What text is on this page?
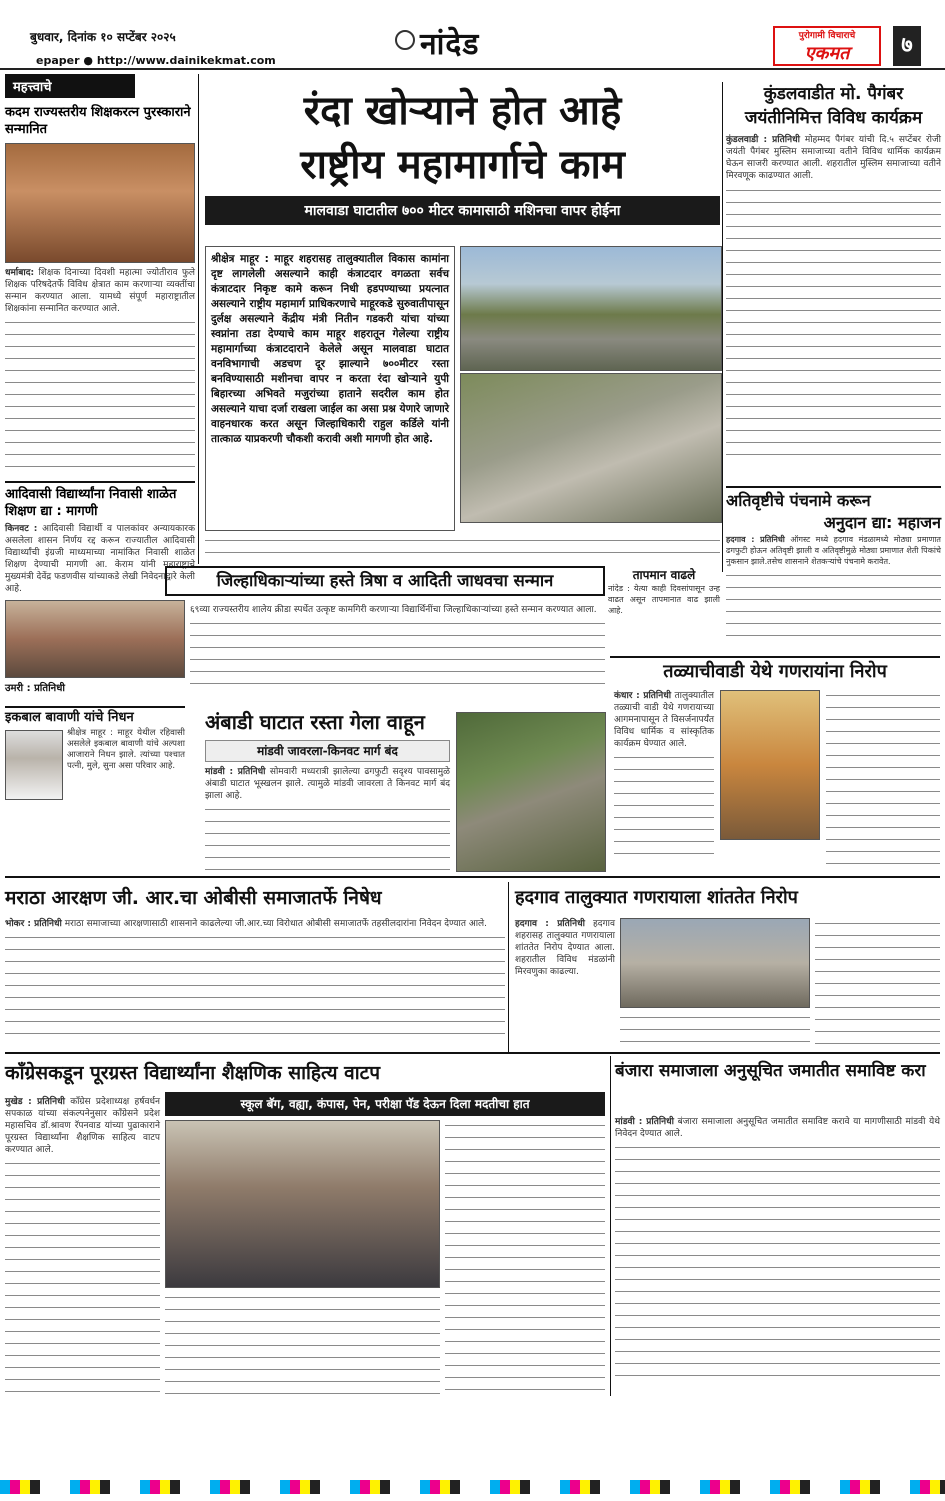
बुधवार, दिनांक १० सप्टेंबर २०२५
epaper ● http://www.dainikekmat.com	नांदेड	पुरोगामी विचाराचे
एकमत	७
महत्त्वाचे
कदम राज्यस्तरीय शिक्षकरत्न पुरस्काराने सन्मानित
धर्माबाद: शिक्षक दिनाच्या दिवशी महात्मा ज्योतीराव फुले शिक्षक परिषदेतर्फे विविध क्षेत्रात काम करणाऱ्या व्यक्तींचा सन्मान करण्यात आला. यामध्ये संपूर्ण महाराष्ट्रातील शिक्षकांना सन्मानित करण्यात आले.
आदिवासी विद्यार्थ्यांना निवासी शाळेत शिक्षण द्या : मागणी
किनवट : आदिवासी विद्यार्थी व पालकांवर अन्यायकारक असलेला शासन निर्णय रद्द करून राज्यातील आदिवासी विद्यार्थ्यांची इंग्रजी माध्यमाच्या नामांकित निवासी शाळेत शिक्षण देण्याची मागणी आ. केराम यांनी महाराष्ट्राचे मुख्यमंत्री देवेंद्र फडणवीस यांच्याकडे लेखी निवेदनाद्वारे केली आहे.
रंदा खोऱ्याने होत आहे
राष्ट्रीय महामार्गाचे काम
मालवाडा घाटातील ७०० मीटर कामासाठी मशिनचा वापर होईना
श्रीक्षेत्र माहूर : माहूर शहरासह तालुक्यातील विकास कामांना दृष्ट लागलेली असल्याने काही कंत्राटदार वगळता सर्वच कंत्राटदार निकृष्ट कामे करून निधी हडपण्याच्या प्रयत्नात असल्याने राष्ट्रीय महामार्ग प्राधिकरणाचे माहूरकडे सुरुवातीपासून दुर्लक्ष असल्याने केंद्रीय मंत्री नितीन गडकरी यांचा यांच्या स्वप्नांना तडा देण्याचे काम माहूर शहरातून गेलेल्या राष्ट्रीय महामार्गाच्या कंत्राटदाराने केलेले असून मालवाडा घाटात वनविभागाची अडचण दूर झाल्याने ७००मीटर रस्ता बनविण्यासाठी मशीनचा वापर न करता रंदा खोऱ्याने युपी बिहारच्या अभिवते मजुरांच्या हाताने सदरील काम होत असल्याने याचा दर्जा राखला जाईल का असा प्रश्न येणारे जाणारे वाहनधारक करत असून जिल्हाधिकारी राहुल कर्डिले यांनी तात्काळ याप्रकरणी चौकशी करावी अशी मागणी होत आहे.
कुंडलवाडीत मो. पैगंबर
जयंतीनिमित्त विविध कार्यक्रम
कुंडलवाडी : प्रतिनिधी मोहम्मद पैगंबर यांची दि.५ सप्टेंबर रोजी जयंती पैगंबर मुस्लिम समाजाच्या वतीने विविध धार्मिक कार्यक्रम घेऊन साजरी करण्यात आली. शहरातील मुस्लिम समाजाच्या वतीने मिरवणूक काढण्यात आली.
अतिवृष्टीचे पंचनामे करून
अनुदान द्या: महाजन
हदगाव : प्रतिनिधी ऑगस्ट मध्ये हदगाव मंडळामध्ये मोठ्या प्रमाणात ढगफुटी होऊन अतिवृष्टी झाली व अतिवृष्टीमुळे मोठ्या प्रमाणात शेती पिकांचे नुकसान झाले.तसेच शासनाने शेतकऱ्यांचे पंचनामे करावेत.
जिल्हाधिकाऱ्यांच्या हस्ते त्रिषा व आदिती जाधवचा सन्मान
उमरी : प्रतिनिधी
६९व्या राज्यस्तरीय शालेय क्रीडा स्पर्धेत उत्कृष्ट कामगिरी करणाऱ्या विद्यार्थिनींचा जिल्हाधिकाऱ्यांच्या हस्ते सन्मान करण्यात आला.
तापमान वाढले
नांदेड : येत्या काही दिवसांपासून उन्ह वाढत असून तापमानात वाढ झाली आहे.
इकबाल बावाणी यांचे निधन
श्रीक्षेत्र माहूर : माहूर येथील रहिवासी असलेले इकबाल बावाणी यांचे अल्पशा आजाराने निधन झाले. त्यांच्या पश्चात पत्नी, मुले, सुना असा परिवार आहे.
अंबाडी घाटात रस्ता गेला वाहून
मांडवी जावरला-किनवट मार्ग बंद
मांडवी : प्रतिनिधी सोमवारी मध्यरात्री झालेल्या ढगफुटी सदृश्य पावसामुळे अंबाडी घाटात भूस्खलन झाले. त्यामुळे मांडवी जावरला ते किनवट मार्ग बंद झाला आहे.
तळ्याचीवाडी येथे गणरायांना निरोप
कंधार : प्रतिनिधी तालुक्यातील तळ्याची वाडी येथे गणरायाच्या आगमनापासून ते विसर्जनापर्यंत विविध धार्मिक व सांस्कृतिक कार्यक्रम घेण्यात आले.
मराठा आरक्षण जी. आर.चा ओबीसी समाजातर्फे निषेध
भोकर : प्रतिनिधी मराठा समाजाच्या आरक्षणासाठी शासनाने काढलेल्या जी.आर.च्या विरोधात ओबीसी समाजातर्फे तहसीलदारांना निवेदन देण्यात आले.
हदगाव तालुक्यात गणरायाला शांततेत निरोप
हदगाव : प्रतिनिधी हदगाव शहरासह तालुक्यात गणरायाला शांततेत निरोप देण्यात आला. शहरातील विविध मंडळांनी मिरवणुका काढल्या.
काँग्रेसकडून पूरग्रस्त विद्यार्थ्यांना शैक्षणिक साहित्य वाटप
स्कूल बॅग, वह्या, कंपास, पेन, परीक्षा पॅड देऊन दिला मदतीचा हात
मुखेड : प्रतिनिधी काँग्रेस प्रदेशाध्यक्ष हर्षवर्धन सपकाळ यांच्या संकल्पनेनुसार काँग्रेसने प्रदेश महासचिव डॉ.श्रावण रॅपनवाड यांच्या पुढाकाराने पूरग्रस्त विद्यार्थ्यांना शैक्षणिक साहित्य वाटप करण्यात आले.
बंजारा समाजाला अनुसूचित जमातीत समाविष्ट करा
मांडवी : प्रतिनिधी बंजारा समाजाला अनुसूचित जमातीत समाविष्ट करावे या मागणीसाठी मांडवी येथे निवेदन देण्यात आले.
